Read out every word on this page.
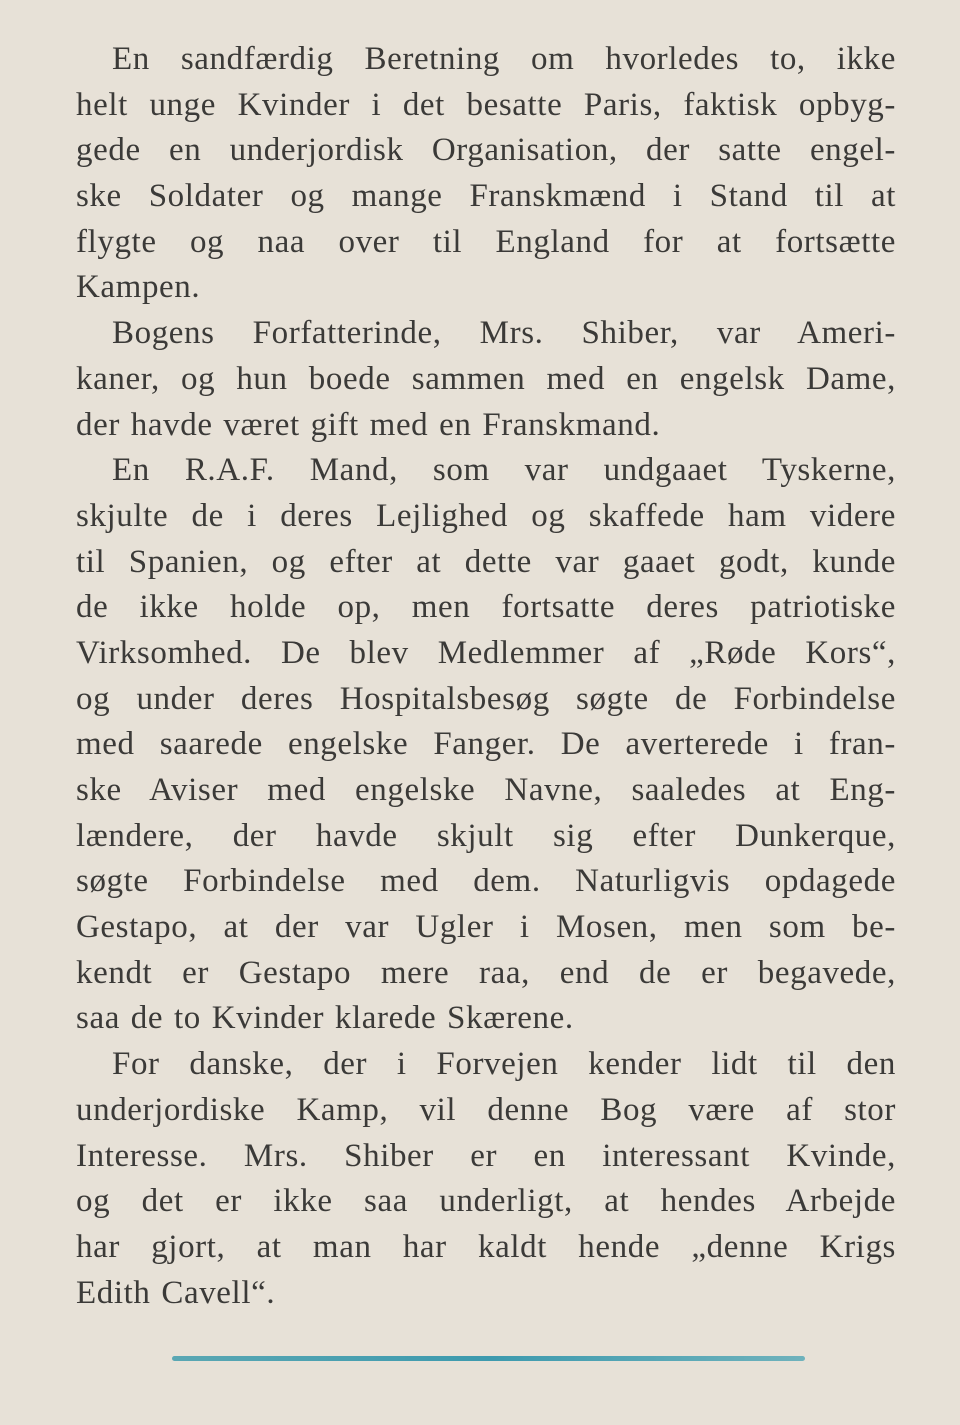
En sandfærdig Beretning om hvorledes to, ikke
helt unge Kvinder i det besatte Paris, faktisk opbyg-
gede en underjordisk Organisation, der satte engel-
ske Soldater og mange Franskmænd i Stand til at
flygte og naa over til England for at fortsætte
Kampen.
Bogens Forfatterinde, Mrs. Shiber, var Ameri-
kaner, og hun boede sammen med en engelsk Dame,
der havde været gift med en Franskmand.
En R.A.F. Mand, som var undgaaet Tyskerne,
skjulte de i deres Lejlighed og skaffede ham videre
til Spanien, og efter at dette var gaaet godt, kunde
de ikke holde op, men fortsatte deres patriotiske
Virksomhed. De blev Medlemmer af „Røde Kors“,
og under deres Hospitalsbesøg søgte de Forbindelse
med saarede engelske Fanger. De averterede i fran-
ske Aviser med engelske Navne, saaledes at Eng-
lændere, der havde skjult sig efter Dunkerque,
søgte Forbindelse med dem. Naturligvis opdagede
Gestapo, at der var Ugler i Mosen, men som be-
kendt er Gestapo mere raa, end de er begavede,
saa de to Kvinder klarede Skærene.
For danske, der i Forvejen kender lidt til den
underjordiske Kamp, vil denne Bog være af stor
Interesse. Mrs. Shiber er en interessant Kvinde,
og det er ikke saa underligt, at hendes Arbejde
har gjort, at man har kaldt hende „denne Krigs
Edith Cavell“.
